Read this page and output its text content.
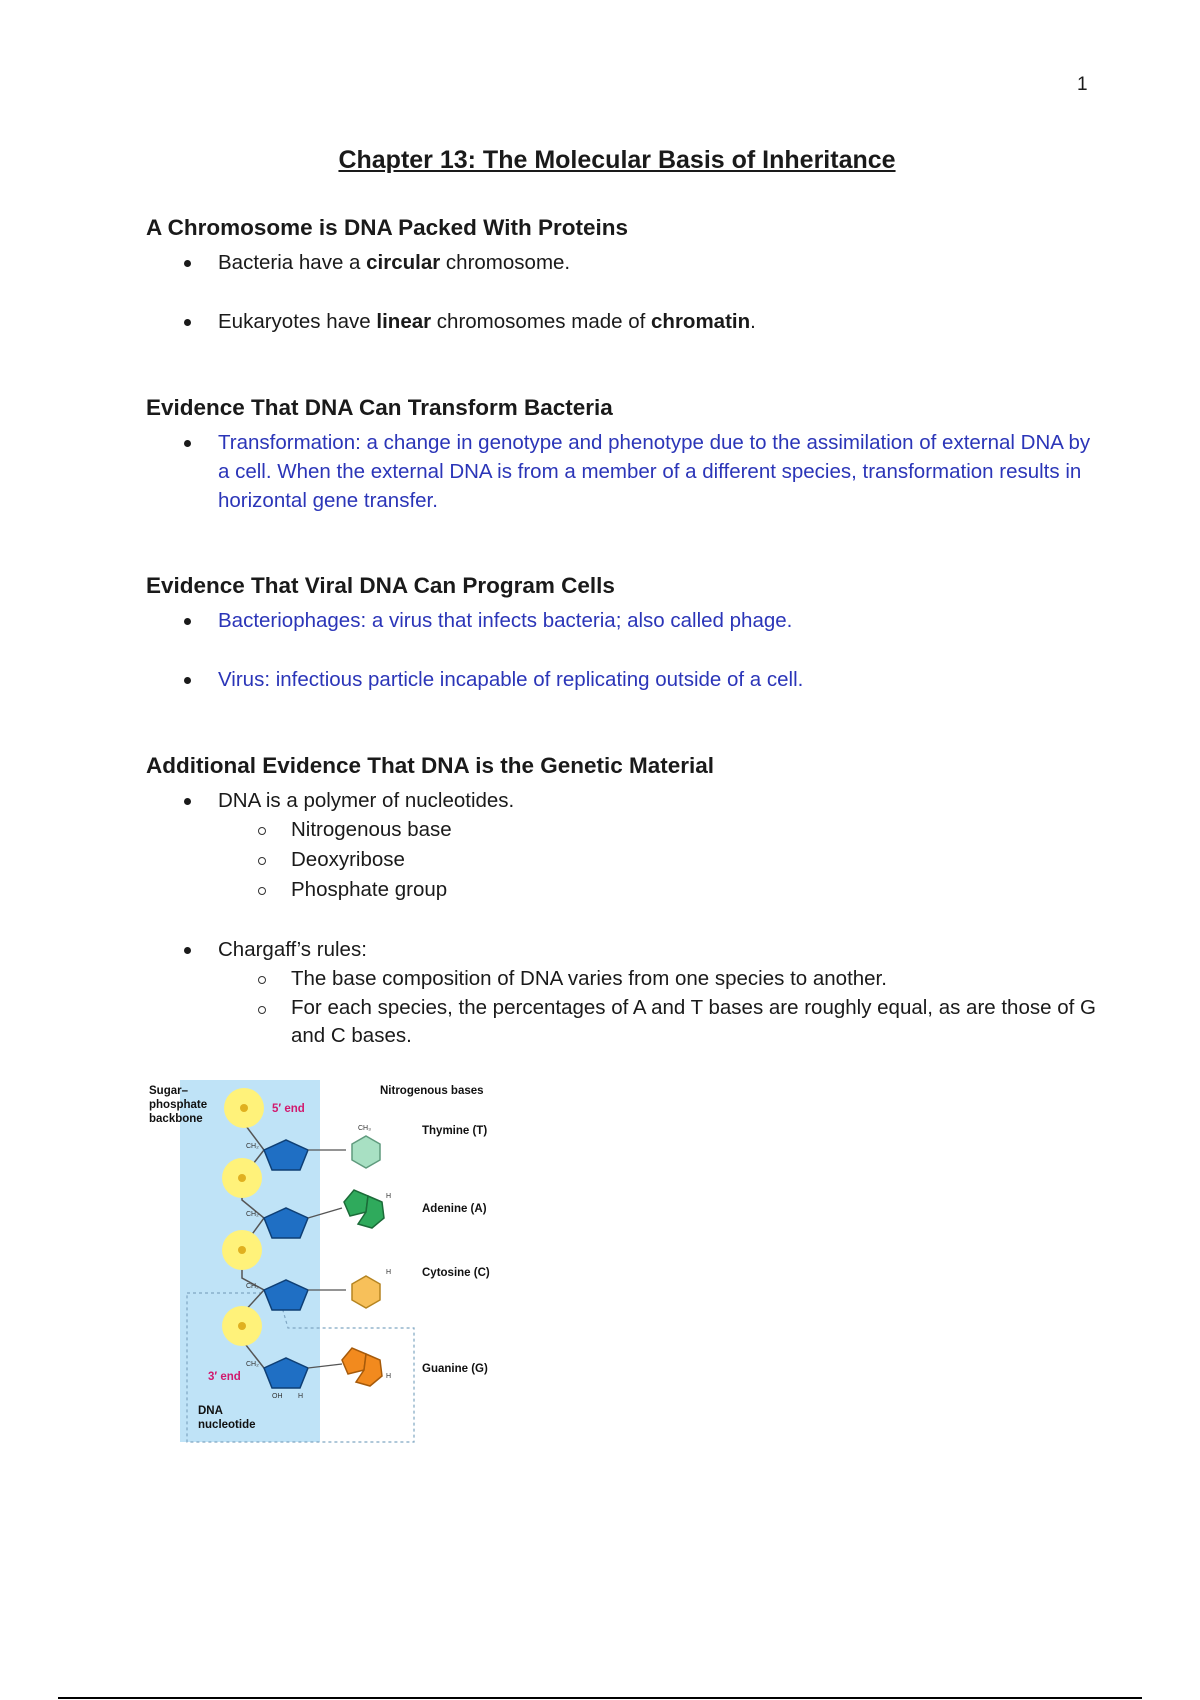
1
Chapter 13: The Molecular Basis of Inheritance
A Chromosome is DNA Packed With Proteins
Bacteria have a circular chromosome.
Eukaryotes have linear chromosomes made of chromatin.
Evidence That DNA Can Transform Bacteria
Transformation: a change in genotype and phenotype due to the assimilation of external DNA by a cell. When the external DNA is from a member of a different species, transformation results in horizontal gene transfer.
Evidence That Viral DNA Can Program Cells
Bacteriophages: a virus that infects bacteria; also called phage.
Virus: infectious particle incapable of replicating outside of a cell.
Additional Evidence That DNA is the Genetic Material
DNA is a polymer of nucleotides.
Nitrogenous base
Deoxyribose
Phosphate group
Chargaff’s rules:
The base composition of DNA varies from one species to another.
For each species, the percentages of A and T bases are roughly equal, as are those of G and C bases.
CH₂
CH₂
CH₂
CH₂
CH₃
H
H
H
OH H
Sugar–
phosphate
backbone
Nitrogenous bases
Thymine (T)
Adenine (A)
Cytosine (C)
Guanine (G)
DNA
nucleotide
5′ end
3′ end
